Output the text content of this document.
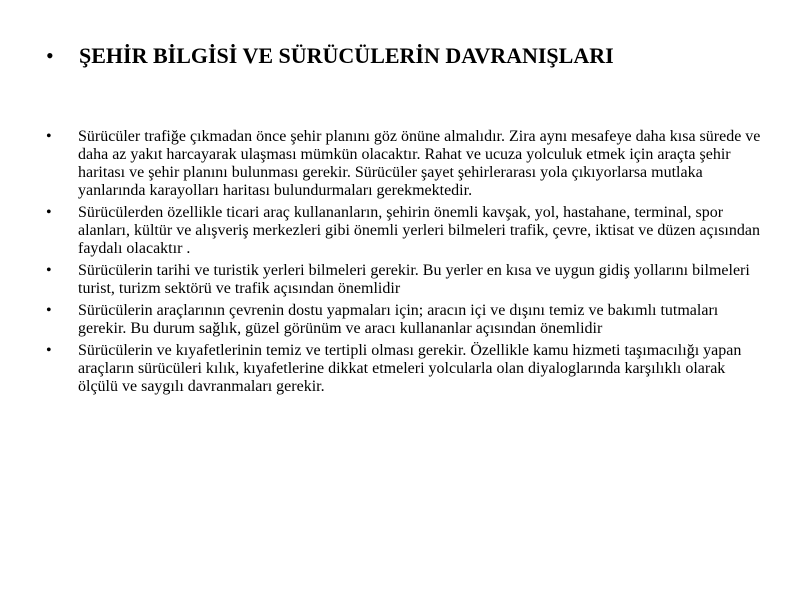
•	ŞEHİR BİLGİSİ VE SÜRÜCÜLERİN DAVRANIŞLARI
•	Sürücüler trafiğe çıkmadan önce şehir planını göz önüne almalıdır. Zira aynı mesafeye daha kısa sürede ve daha az yakıt harcayarak ulaşması mümkün olacaktır. Rahat ve ucuza yolculuk etmek için araçta şehir haritası ve şehir planını bulunması gerekir. Sürücüler şayet şehirlerarası yola çıkıyorlarsa mutlaka yanlarında karayolları haritası bulundurmaları gerekmektedir.
•	Sürücülerden özellikle ticari araç kullananların, şehirin önemli kavşak, yol, hastahane, terminal, spor alanları, kültür ve alışveriş merkezleri gibi önemli yerleri bilmeleri trafik, çevre, iktisat ve düzen açısından faydalı olacaktır .
•	Sürücülerin tarihi ve turistik yerleri bilmeleri gerekir. Bu yerler en kısa ve uygun gidiş yollarını bilmeleri turist, turizm sektörü ve trafik açısından önemlidir
•	Sürücülerin araçlarının çevrenin dostu yapmaları için; aracın içi ve dışını temiz ve bakımlı tutmaları gerekir. Bu durum sağlık, güzel görünüm ve aracı kullananlar açısından önemlidir
•	Sürücülerin ve kıyafetlerinin temiz ve tertipli olması gerekir. Özellikle kamu hizmeti taşımacılığı yapan araçların sürücüleri kılık, kıyafetlerine dikkat etmeleri yolcularla olan diyaloglarında karşılıklı olarak ölçülü ve saygılı davranmaları gerekir.
